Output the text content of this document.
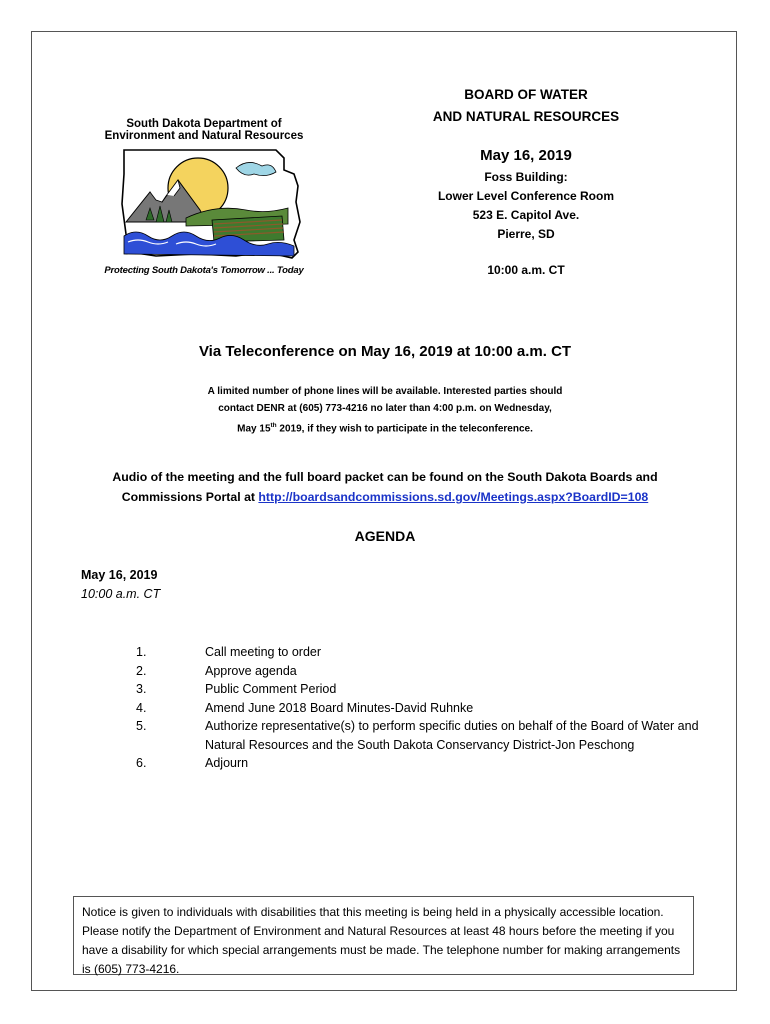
South Dakota Department of
Environment and Natural Resources
Protecting South Dakota's Tomorrow ... Today
BOARD OF WATER
AND NATURAL RESOURCES
May 16, 2019
Foss Building:
Lower Level Conference Room
523 E. Capitol Ave.
Pierre, SD
10:00 a.m. CT
Via Teleconference on May 16, 2019 at 10:00 a.m. CT
A limited number of phone lines will be available. Interested parties should
contact DENR at (605) 773-4216 no later than 4:00 p.m. on Wednesday,
May 15th 2019, if they wish to participate in the teleconference.
Audio of the meeting and the full board packet can be found on the South Dakota Boards and
Commissions Portal at http://boardsandcommissions.sd.gov/Meetings.aspx?BoardID=108
AGENDA
May 16, 2019
10:00 a.m. CT
1.	Call meeting to order
2.	Approve agenda
3.	Public Comment Period
4.	Amend June 2018 Board Minutes-David Ruhnke
5.	Authorize representative(s) to perform specific duties on behalf of the Board of Water and Natural Resources and the South Dakota Conservancy District-Jon Peschong
6.	Adjourn
Notice is given to individuals with disabilities that this meeting is being held in a physically accessible location. Please notify the Department of Environment and Natural Resources at least 48 hours before the meeting if you have a disability for which special arrangements must be made. The telephone number for making arrangements is (605) 773-4216.
